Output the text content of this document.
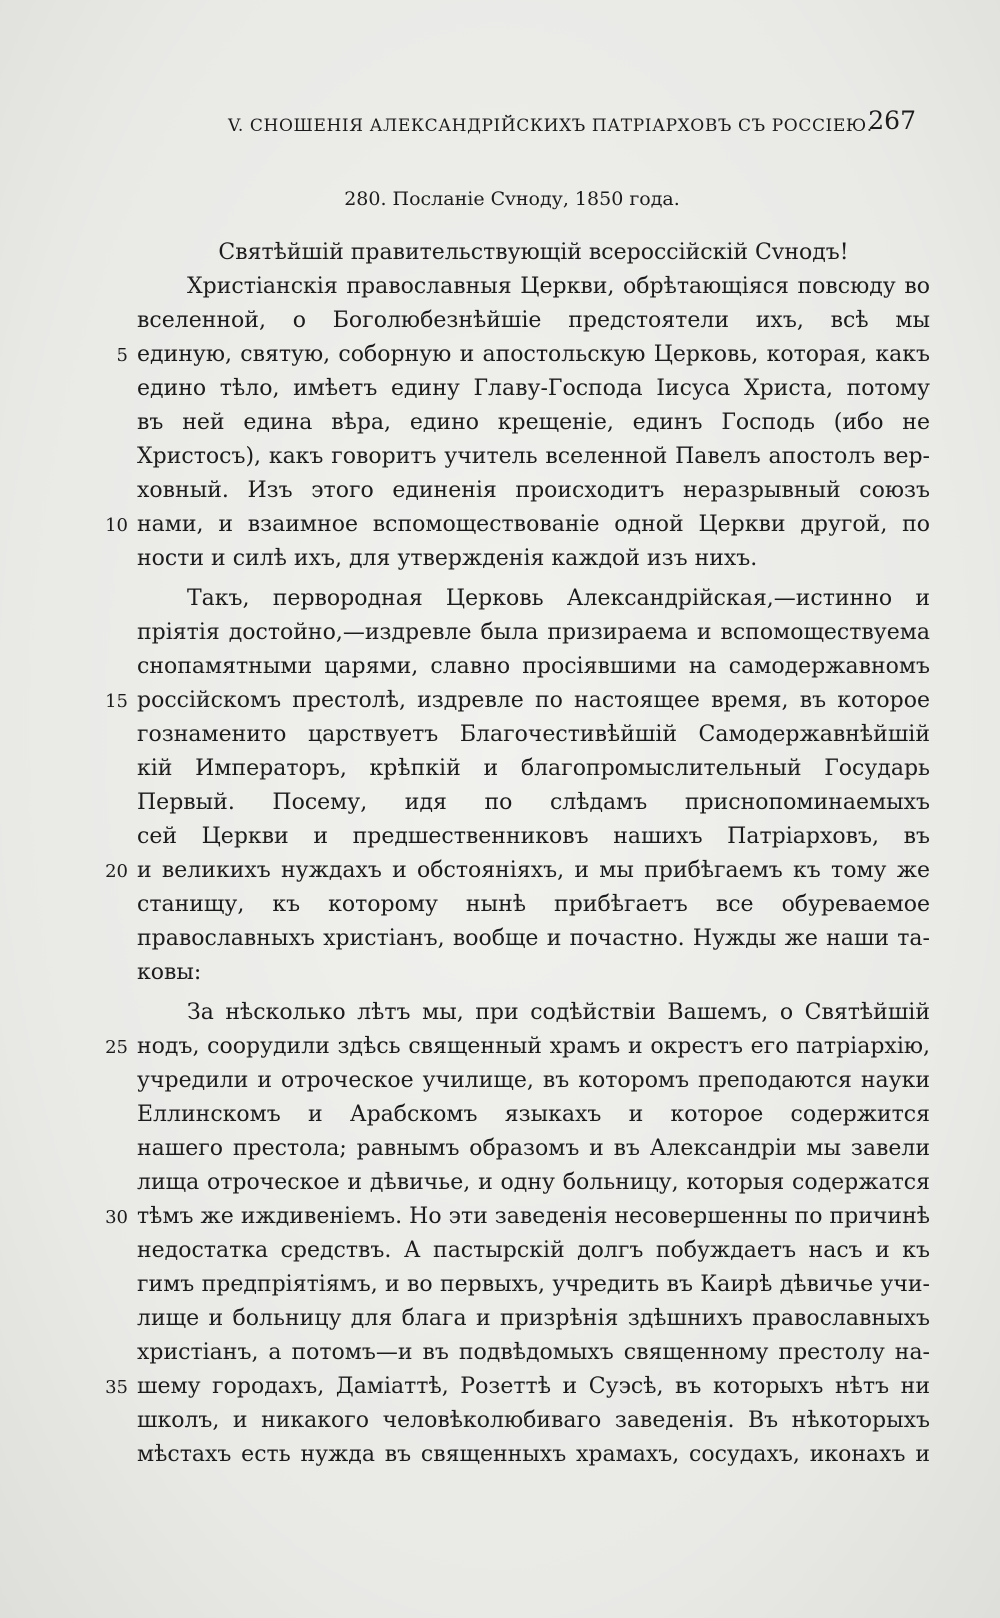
V. СНОШЕНІЯ АЛЕКСАНДРІЙСКИХЪ ПАТРІАРХОВЪ СЪ РОССІЕЮ.
267
280. Посланіе Сvноду, 1850 года.
Святѣйшій правительствующій всероссійскій Сvнодъ!
Христіанскія православныя Церкви, обрѣтающіяся повсюду во
вселенной, о Боголюбезнѣйшіе предстоятели ихъ, всѣ мы
5 единую, святую, соборную и апостольскую Церковь, которая, какъ
едино тѣло, имѣетъ едину Главу-Господа Іисуса Христа, потому
въ ней едина вѣра, едино крещеніе, единъ Господь (ибо не
Христосъ), какъ говоритъ учитель вселенной Павелъ апостолъ вер-
ховный. Изъ этого единенія происходитъ неразрывный союзъ
10 нами, и взаимное вспомоществованіе одной Церкви другой, по
ности и силѣ ихъ, для утвержденія каждой изъ нихъ.
Такъ, первородная Церковь Александрійская,—истинно и
пріятія достойно,—издревле была призираема и вспомоществуема
снопамятными царями, славно просіявшими на самодержавномъ
15 россійскомъ престолѣ, издревле по настоящее время, въ которое
гознаменито царствуетъ Благочестивѣйшій Самодержавнѣйшій
кій Императоръ, крѣпкій и благопромыслительный Государь
Первый. Посему, идя по слѣдамъ приснопоминаемыхъ
сей Церкви и предшественниковъ нашихъ Патріарховъ, въ
20 и великихъ нуждахъ и обстояніяхъ, и мы прибѣгаемъ къ тому же
станищу, къ которому нынѣ прибѣгаетъ все обуреваемое
православныхъ христіанъ, вообще и почастно. Нужды же наши та-
ковы:
За нѣсколько лѣтъ мы, при содѣйствіи Вашемъ, о Святѣйшій
25 нодъ, соорудили здѣсь священный храмъ и окрестъ его патріархію,
учредили и отроческое училище, въ которомъ преподаются науки
Еллинскомъ и Арабскомъ языкахъ и которое содержится
нашего престола; равнымъ образомъ и въ Александріи мы завели
лища отроческое и дѣвичье, и одну больницу, которыя содержатся
30 тѣмъ же иждивеніемъ. Но эти заведенія несовершенны по причинѣ
недостатка средствъ. А пастырскій долгъ побуждаетъ насъ и къ
гимъ предпріятіямъ, и во первыхъ, учредить въ Каирѣ дѣвичье учи-
лище и больницу для блага и призрѣнія здѣшнихъ православныхъ
христіанъ, а потомъ—и въ подвѣдомыхъ священному престолу на-
35 шему городахъ, Даміаттѣ, Розеттѣ и Суэсѣ, въ которыхъ нѣтъ ни
школъ, и никакого человѣколюбиваго заведенія. Въ нѣкоторыхъ
мѣстахъ есть нужда въ священныхъ храмахъ, сосудахъ, иконахъ и
